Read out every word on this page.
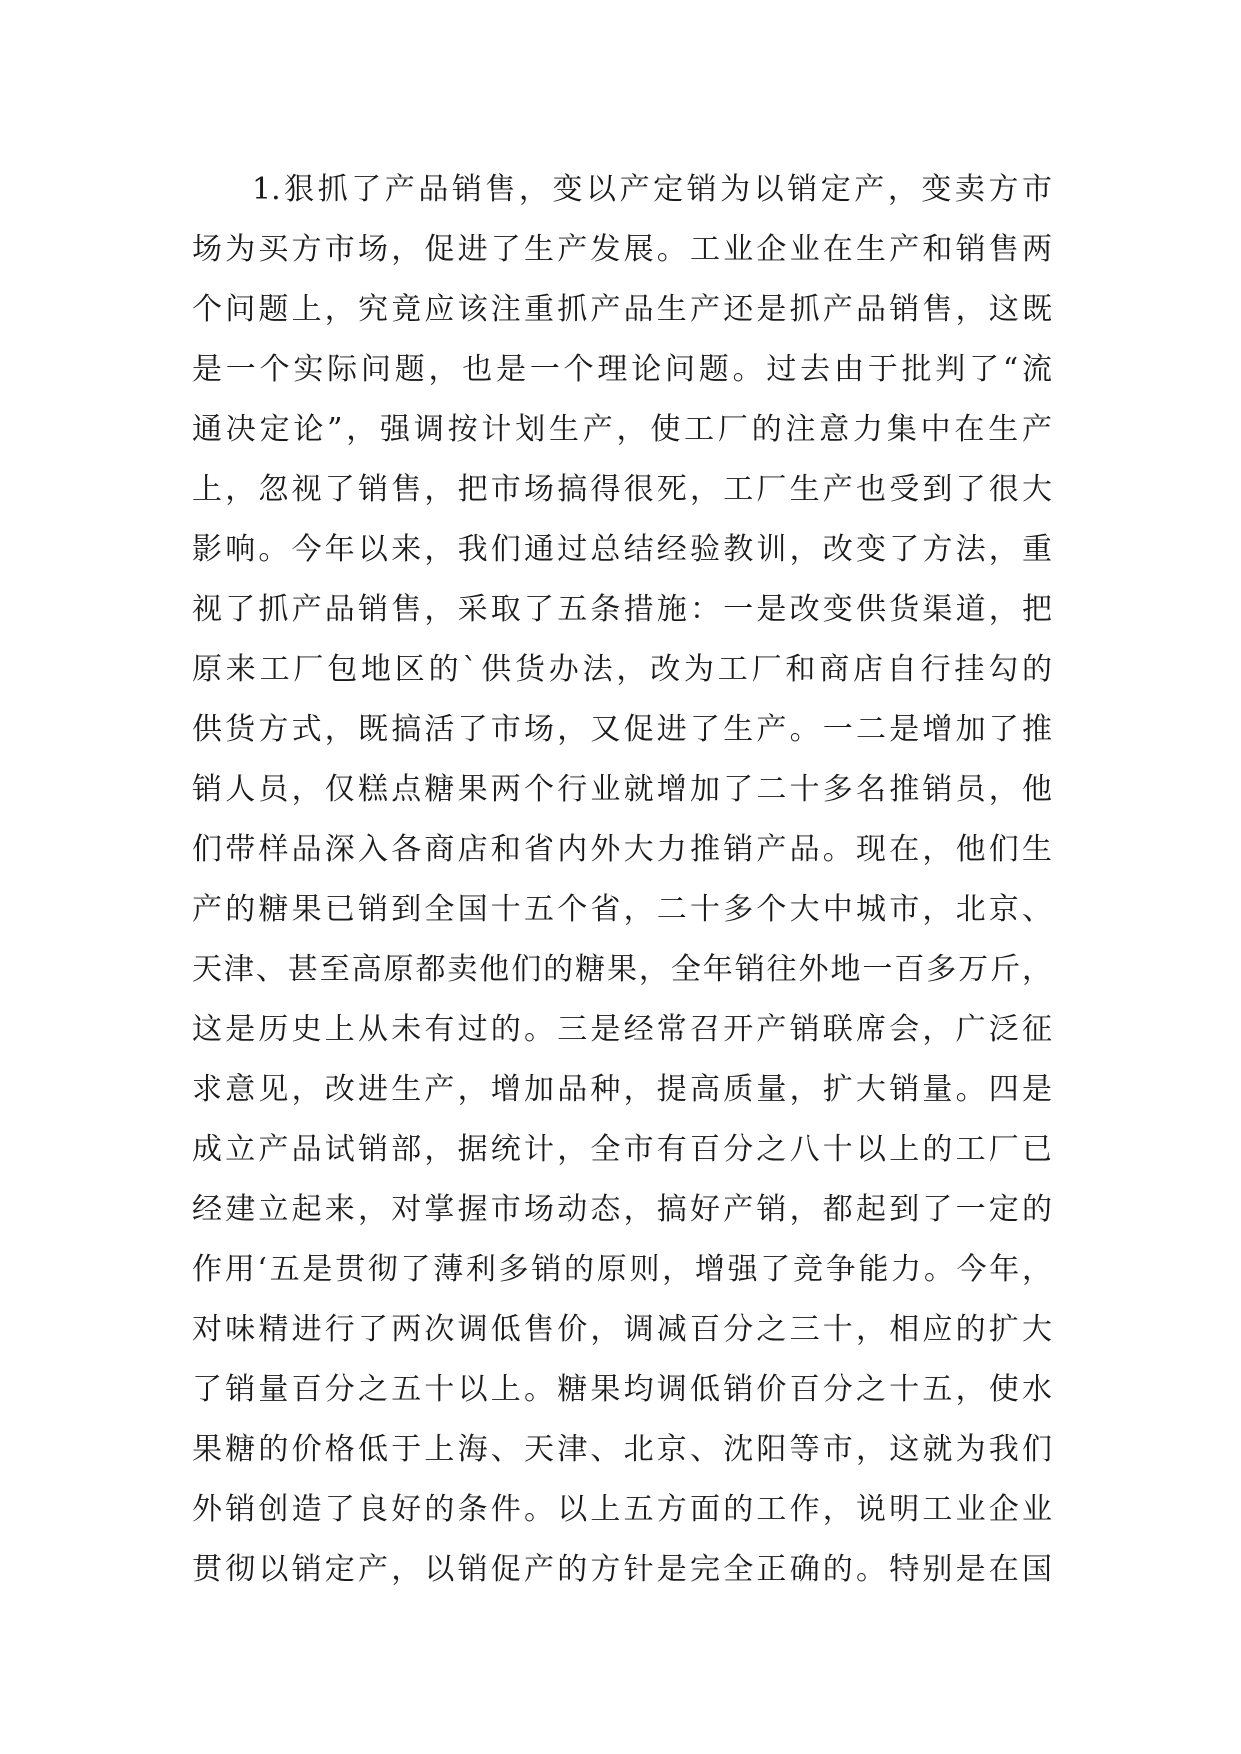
1.狠抓了产品销售，变以产定销为以销定产，变卖方市
场为买方市场，促进了生产发展。工业企业在生产和销售两
个问题上，究竟应该注重抓产品生产还是抓产品销售，这既
是一个实际问题，也是一个理论问题。过去由于批判了“流
通决定论”，强调按计划生产，使工厂的注意力集中在生产
上，忽视了销售，把市场搞得很死，工厂生产也受到了很大
影响。今年以来，我们通过总结经验教训，改变了方法，重
视了抓产品销售，采取了五条措施：一是改变供货渠道，把
原来工厂包地区的`供货办法，改为工厂和商店自行挂勾的
供货方式，既搞活了市场，又促进了生产。一二是增加了推
销人员，仅糕点糖果两个行业就增加了二十多名推销员，他
们带样品深入各商店和省内外大力推销产品。现在，他们生
产的糖果已销到全国十五个省，二十多个大中城市，北京、
天津、甚至高原都卖他们的糖果，全年销往外地一百多万斤，
这是历史上从未有过的。三是经常召开产销联席会，广泛征
求意见，改进生产，增加品种，提高质量，扩大销量。四是
成立产品试销部，据统计，全市有百分之八十以上的工厂已
经建立起来，对掌握市场动态，搞好产销，都起到了一定的
作用‘五是贯彻了薄利多销的原则，增强了竞争能力。今年，
对味精进行了两次调低售价，调减百分之三十，相应的扩大
了销量百分之五十以上。糖果均调低销价百分之十五，使水
果糖的价格低于上海、天津、北京、沈阳等市，这就为我们
外销创造了良好的条件。以上五方面的工作，说明工业企业
贯彻以销定产，以销促产的方针是完全正确的。特别是在国
